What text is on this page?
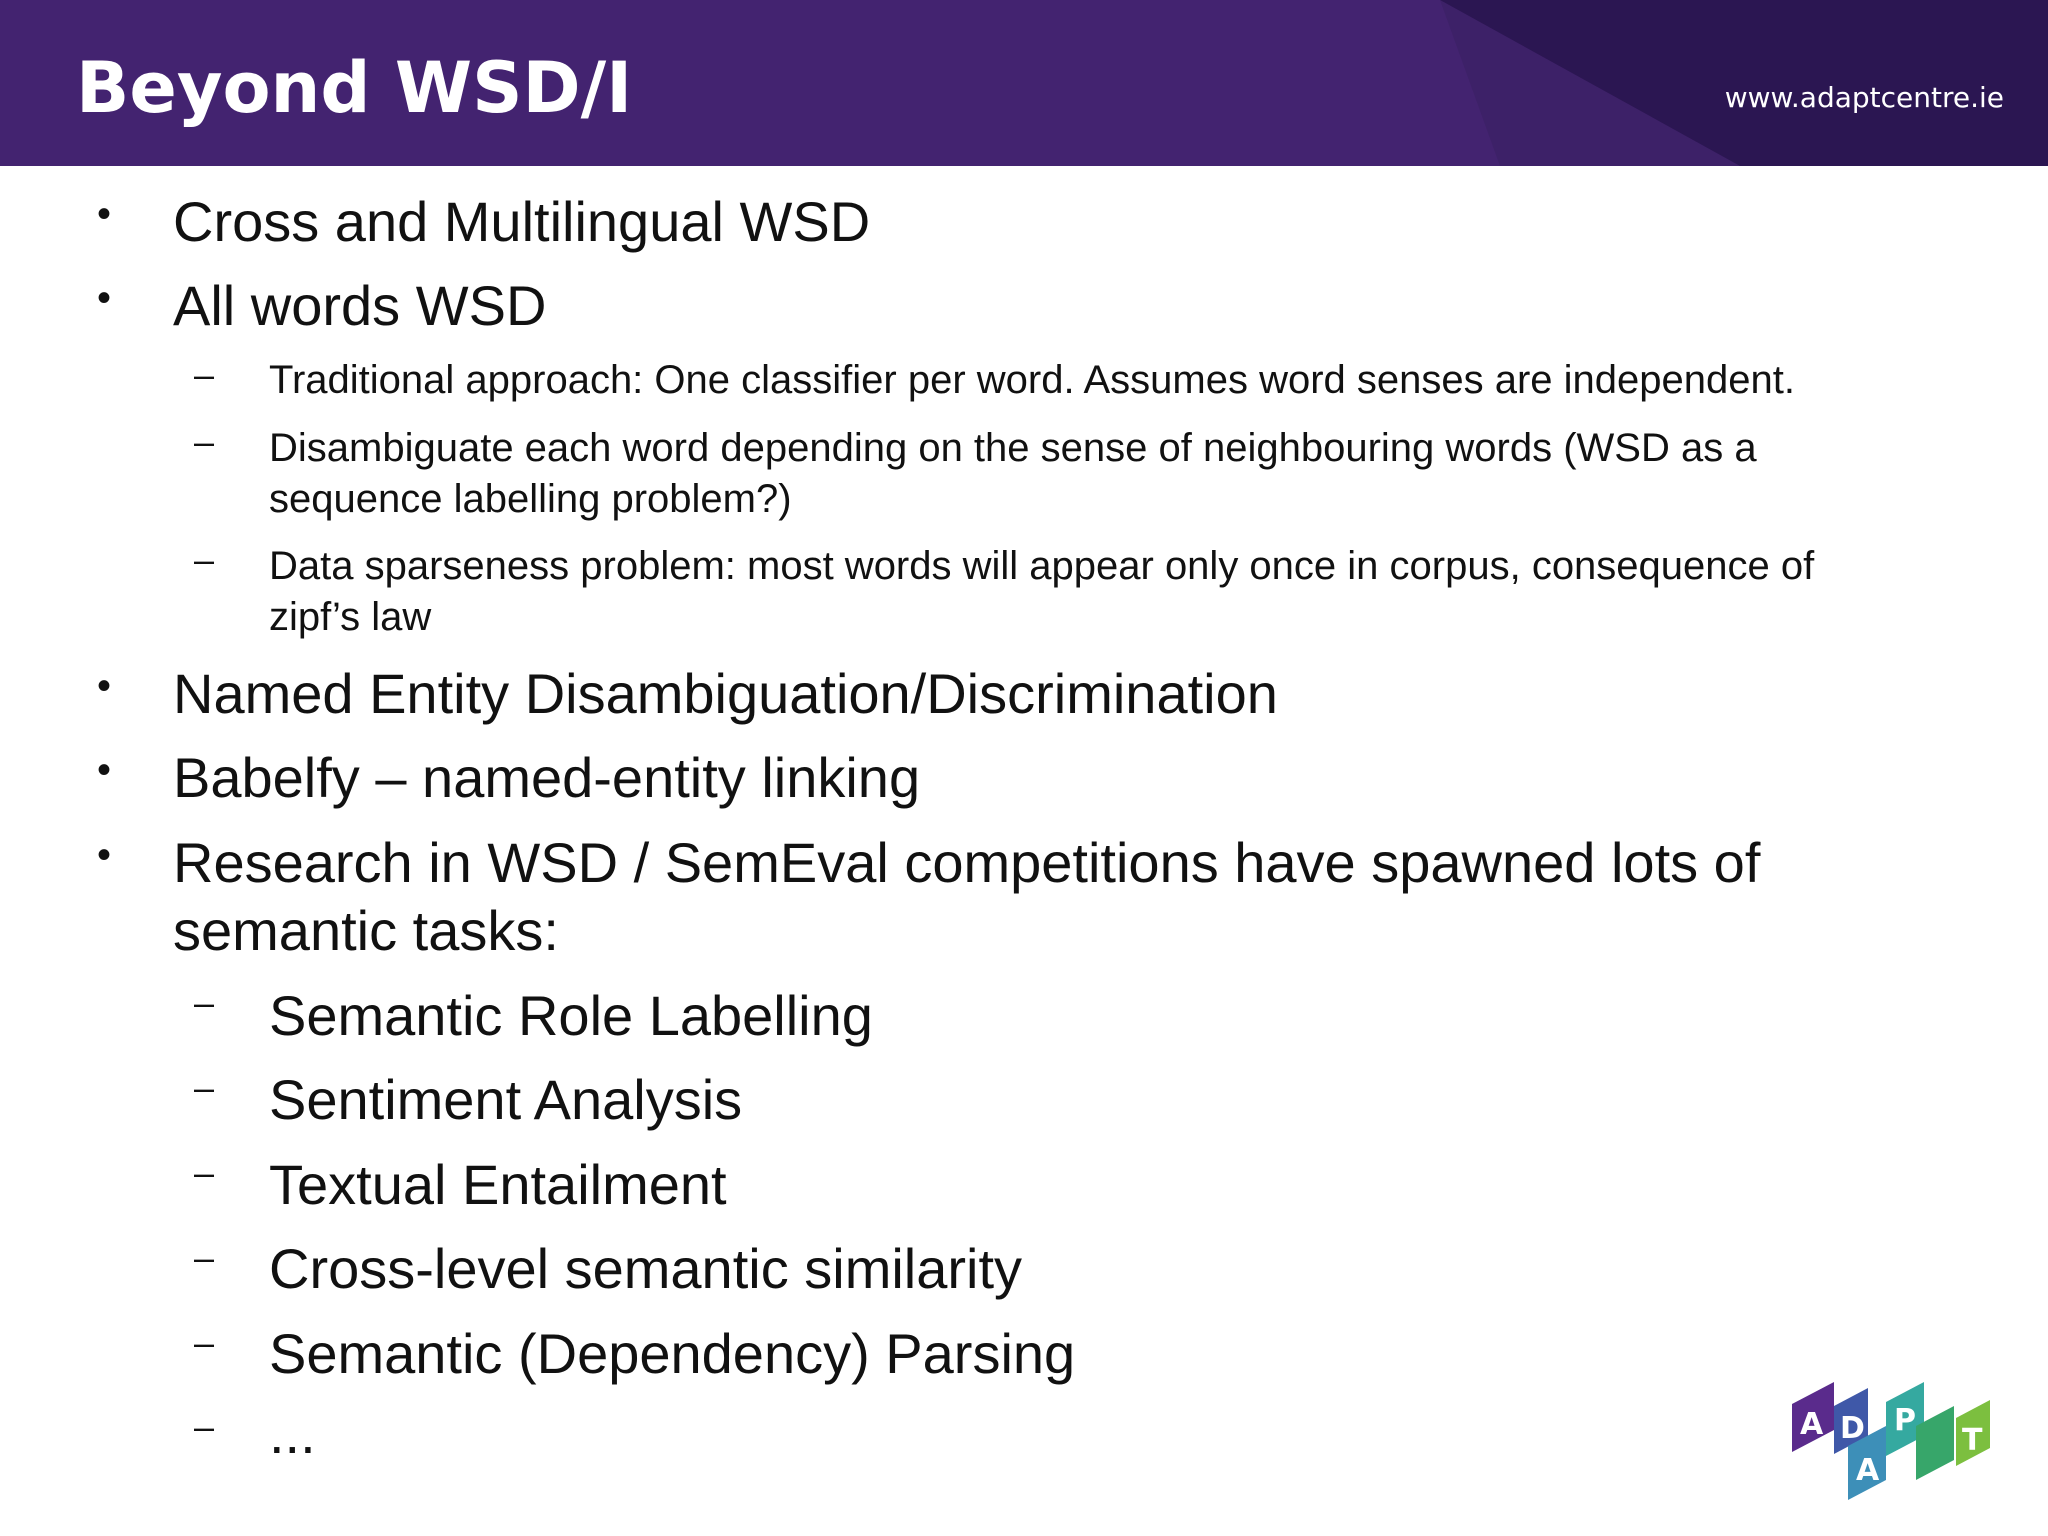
Beyond WSD/I	www.adaptcentre.ie
• Cross and Multilingual WSD
• All words WSD
– Traditional approach: One classifier per word. Assumes word senses are independent.
– Disambiguate each word depending on the sense of neighbouring words (WSD as a
sequence labelling problem?)
– Data sparseness problem: most words will appear only once in corpus, consequence of
zipf’s law
• Named Entity Disambiguation/Discrimination
• Babelfy – named-entity linking
• Research in WSD / SemEval competitions have spawned lots of
semantic tasks:
– Semantic Role Labelling
– Sentiment Analysis
– Textual Entailment
– Cross-level semantic similarity
– Semantic (Dependency) Parsing
– ...	A D
A
P
T
